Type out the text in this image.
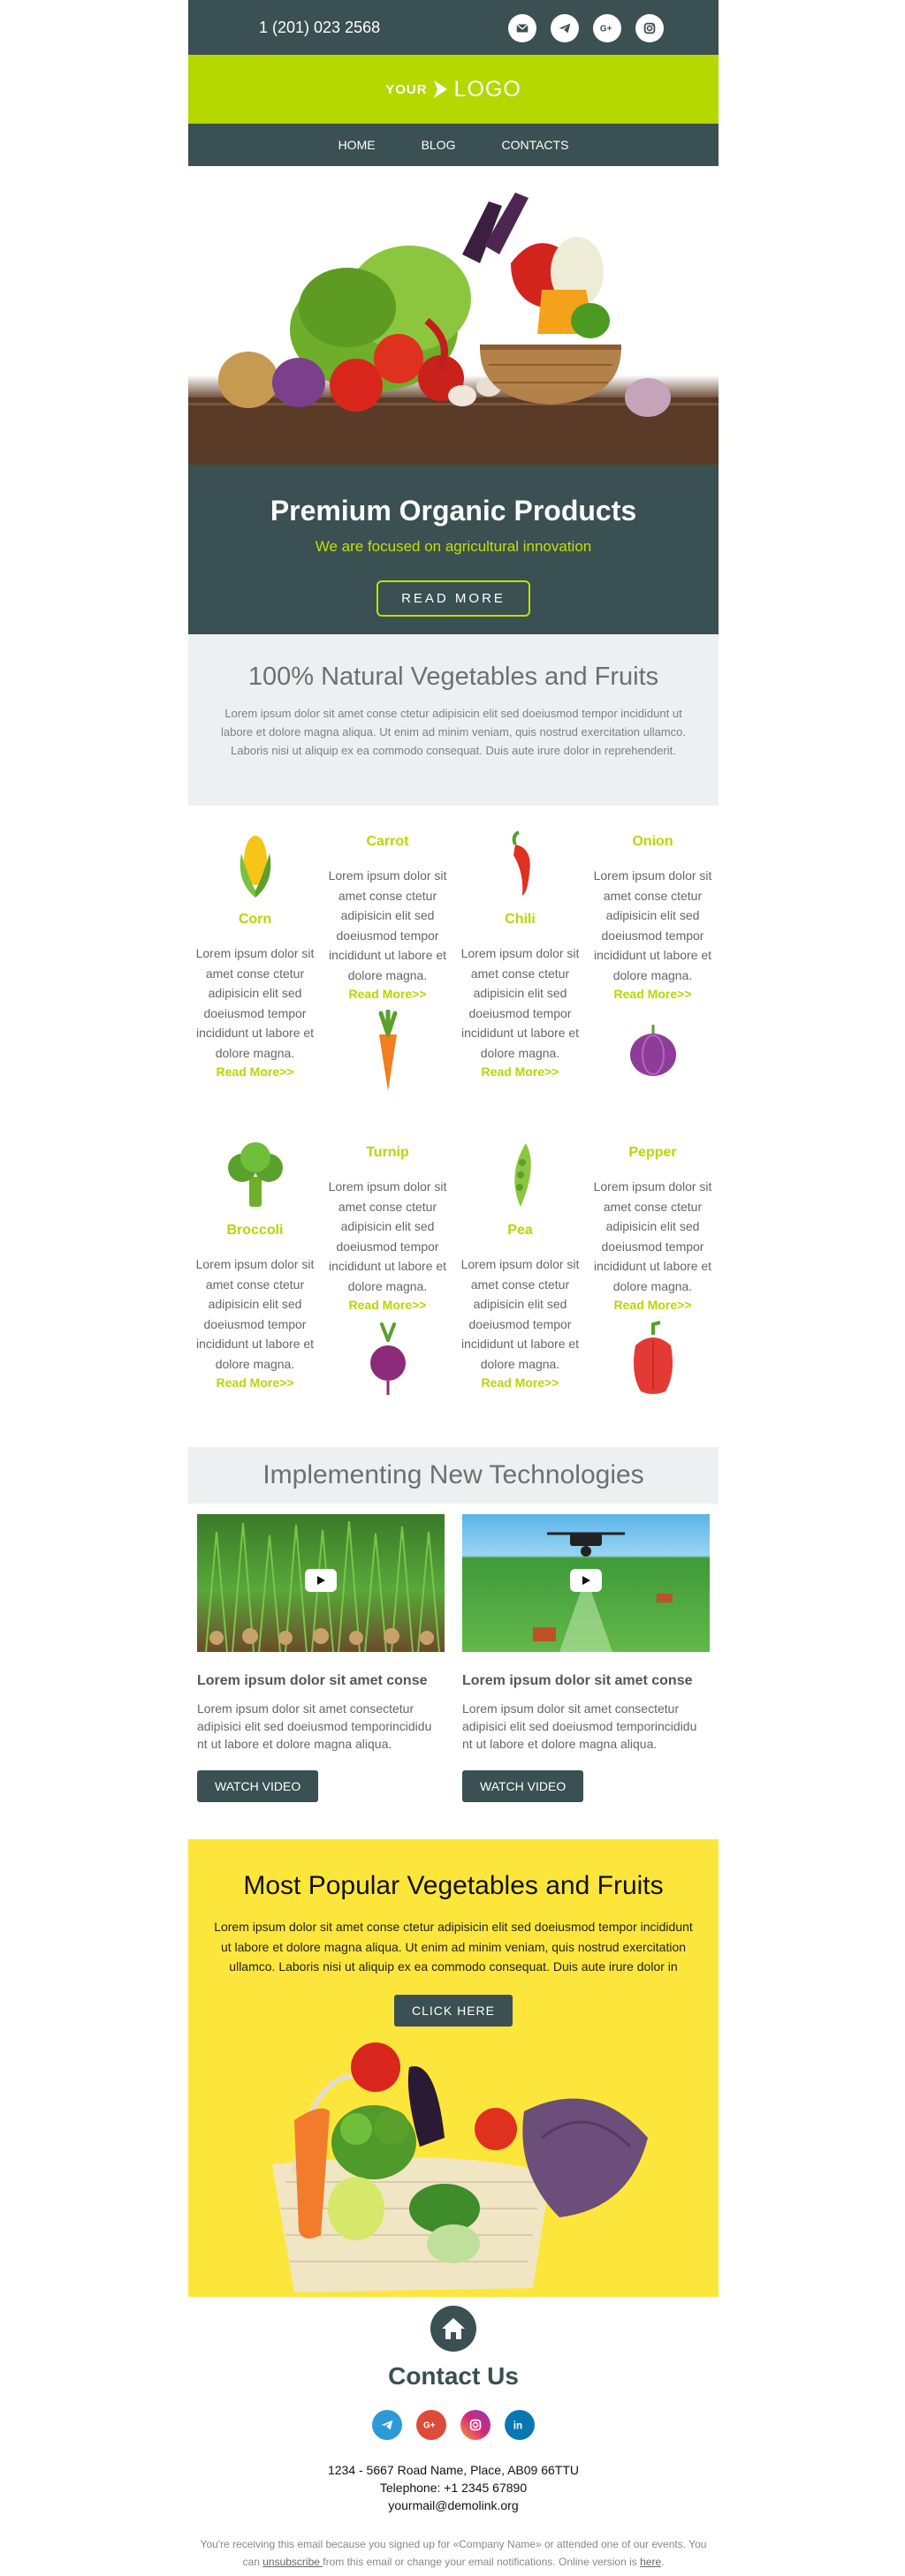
1 (201) 023 2568	G+
YOUR LOGO
HOME	BLOG	CONTACTS
Premium Organic Products
We are focused on agricultural innovation
READ MORE
100% Natural Vegetables and Fruits

Lorem ipsum dolor sit amet conse ctetur adipisicin elit sed doeiusmod tempor incididunt ut labore et dolore magna aliqua. Ut enim ad minim veniam, quis nostrud exercitation ullamco. Laboris nisi ut aliquip ex ea commodo consequat. Duis aute irure dolor in reprehenderit.

Corn
Lorem ipsum dolor sit amet conse ctetur adipisicin elit sed doeiusmod tempor incididunt ut labore et dolore magna.
Read More>>
Carrot
Lorem ipsum dolor sit amet conse ctetur adipisicin elit sed doeiusmod tempor incididunt ut labore et dolore magna.
Read More>>
Chili
Lorem ipsum dolor sit amet conse ctetur adipisicin elit sed doeiusmod tempor incididunt ut labore et dolore magna.
Read More>>
Onion
Lorem ipsum dolor sit amet conse ctetur adipisicin elit sed doeiusmod tempor incididunt ut labore et dolore magna.
Read More>>
Broccoli
Lorem ipsum dolor sit amet conse ctetur adipisicin elit sed doeiusmod tempor incididunt ut labore et dolore magna.
Read More>>
Turnip
Lorem ipsum dolor sit amet conse ctetur adipisicin elit sed doeiusmod tempor incididunt ut labore et dolore magna.
Read More>>
Pea
Lorem ipsum dolor sit amet conse ctetur adipisicin elit sed doeiusmod tempor incididunt ut labore et dolore magna.
Read More>>
Pepper
Lorem ipsum dolor sit amet conse ctetur adipisicin elit sed doeiusmod tempor incididunt ut labore et dolore magna.
Read More>>
Implementing New Technologies
Lorem ipsum dolor sit amet conse
Lorem ipsum dolor sit amet consectetur adipisici elit sed doeiusmod temporincididu nt ut labore et dolore magna aliqua.
WATCH VIDEO
Lorem ipsum dolor sit amet conse
Lorem ipsum dolor sit amet consectetur adipisici elit sed doeiusmod temporincididu nt ut labore et dolore magna aliqua.
WATCH VIDEO
Most Popular Vegetables and Fruits

Lorem ipsum dolor sit amet conse ctetur adipisicin elit sed doeiusmod tempor incididunt ut labore et dolore magna aliqua. Ut enim ad minim veniam, quis nostrud exercitation ullamco. Laboris nisi ut aliquip ex ea commodo consequat. Duis aute irure dolor in

CLICK HERE
Contact Us
G+	in
1234 - 5667 Road Name, Place, AB09 66TTU
Telephone: +1 2345 67890
yourmail@demolink.org
You're receiving this email because you signed up for «Company Name» or attended one of our events. You can unsubscribe from this email or change your email notifications. Online version is here.
